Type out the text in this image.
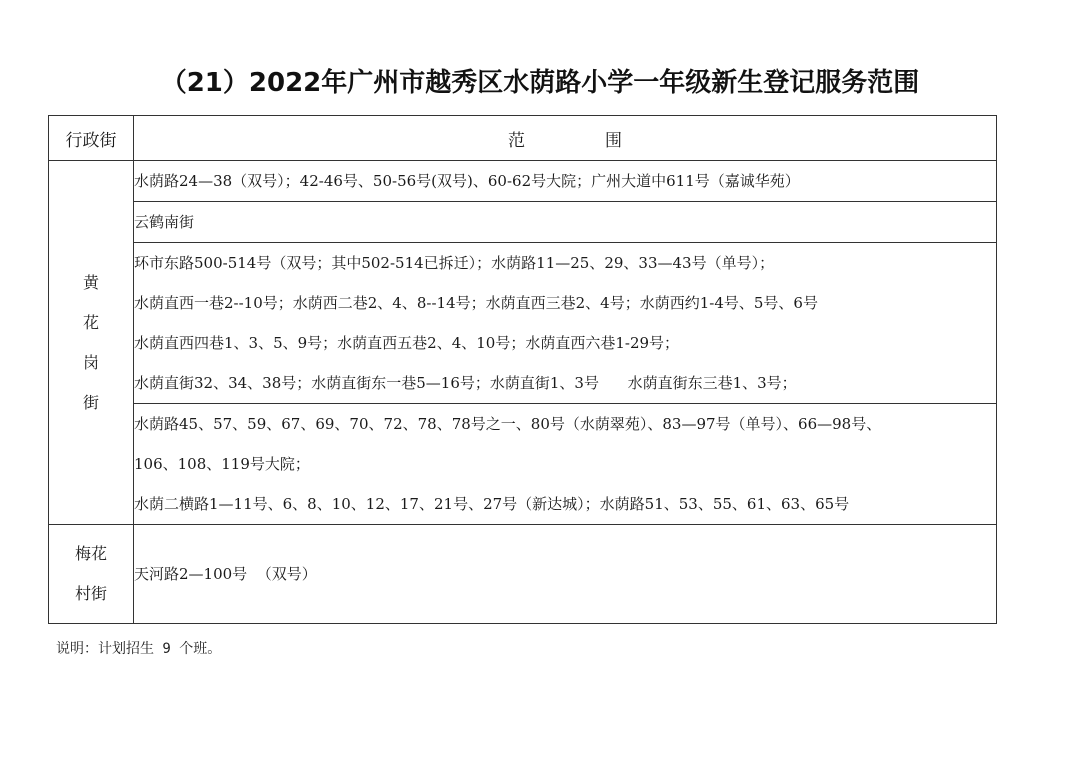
（21）2022年广州市越秀区水荫路小学一年级新生登记服务范围
行政街	范 围

黄
花
岗
街	水荫路24—38（双号）；42-46号、50-56号(双号)、60-62号大院；广州大道中611号（嘉诚华苑）

	云鹤南街

	环市东路500-514号（双号；其中502-514已拆迁）；水荫路11—25、29、33—43号（单号）；
水荫直西一巷2--10号；水荫西二巷2、4、8--14号；水荫直西三巷2、4号；水荫西约1-4号、5号、6号
水荫直西四巷1、3、5、9号；水荫直西五巷2、4、10号；水荫直西六巷1-29号；
水荫直街32、34、38号；水荫直街东一巷5—16号；水荫直街1、3号      水荫直街东三巷1、3号；

	水荫路45、57、59、67、69、70、72、78、78号之一、80号（水荫翠苑）、83—97号（单号）、66—98号、
106、108、119号大院；
水荫二横路1—11号、6、8、10、12、17、21号、27号（新达城）；水荫路51、53、55、61、63、65号

梅花
村街	天河路2—100号  （双号）
说明：计划招生 9 个班。
